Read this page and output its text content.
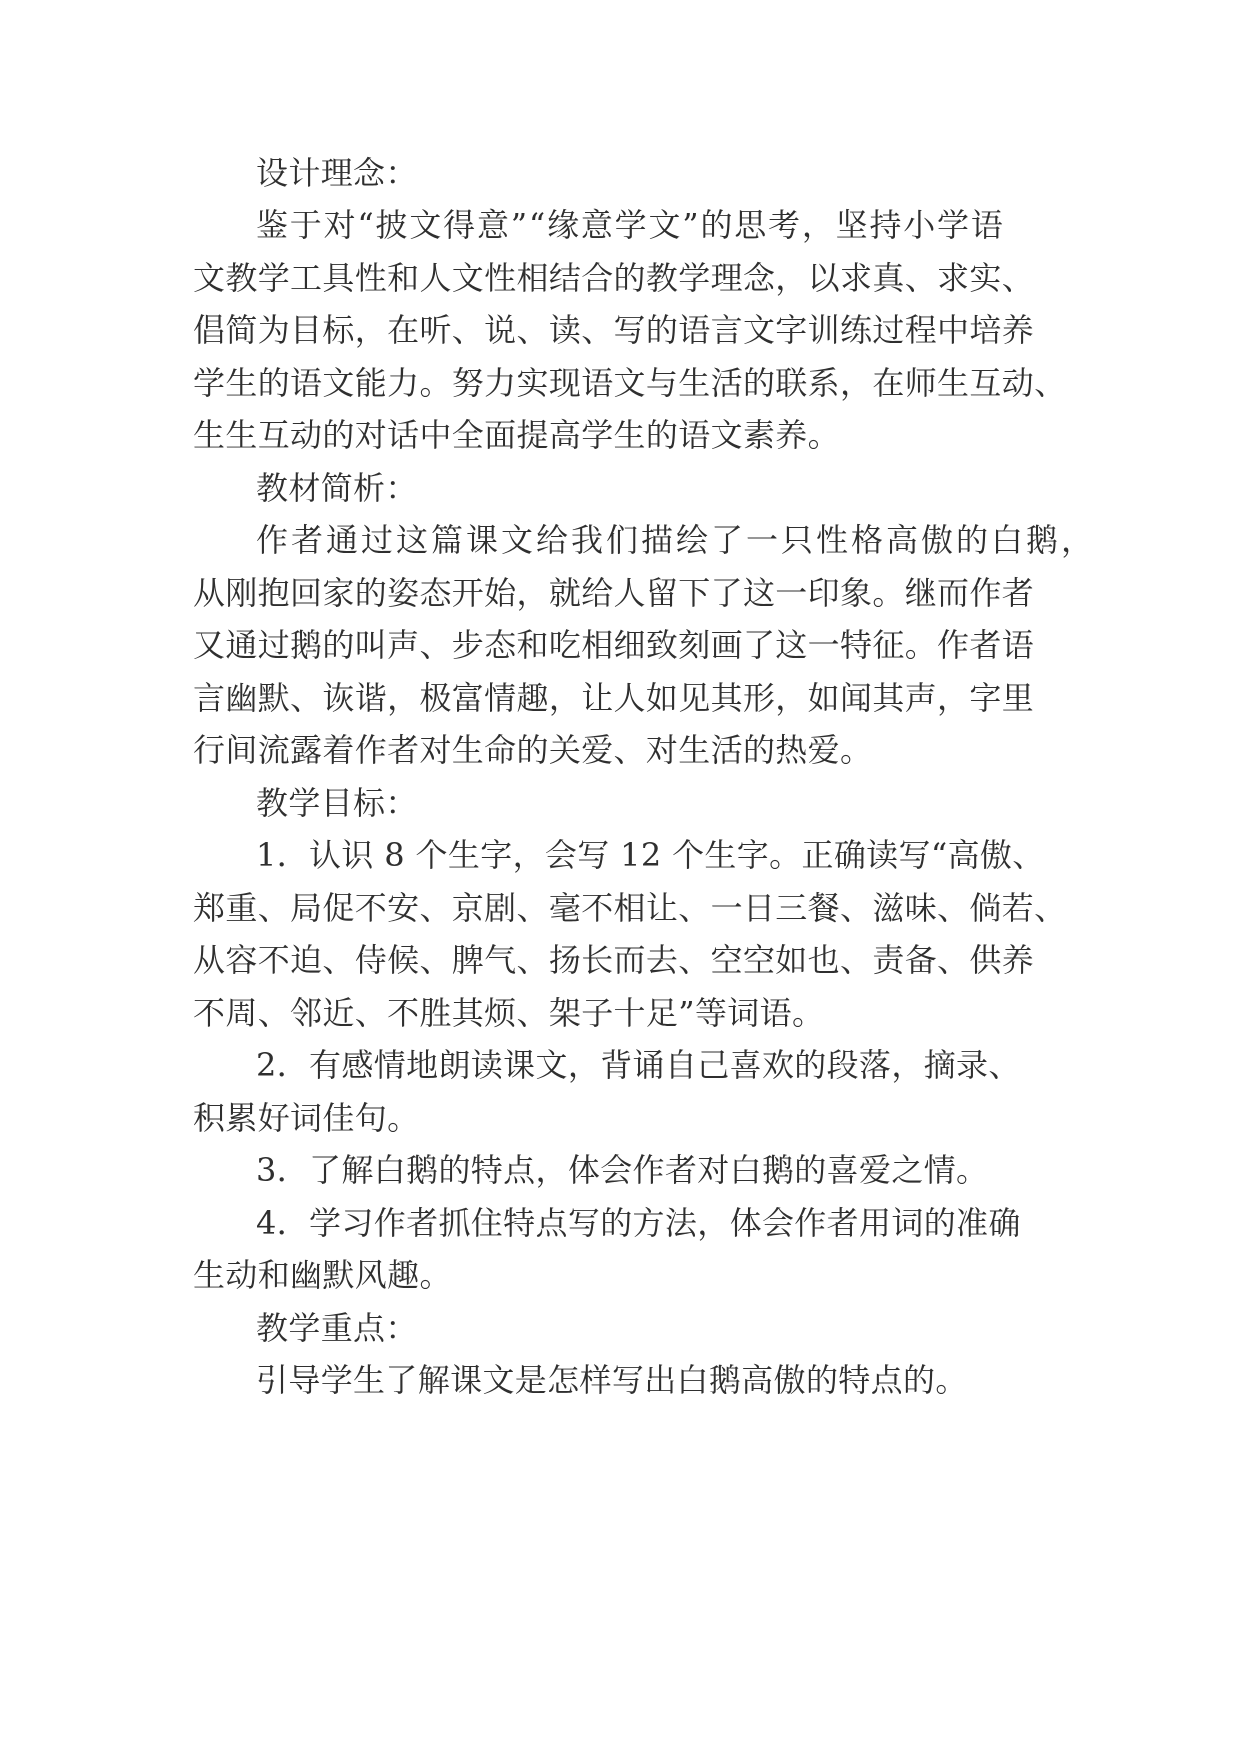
设计理念：
鉴于对“披文得意”“缘意学文”的思考，坚持小学语
文教学工具性和人文性相结合的教学理念，以求真、求实、
倡简为目标，在听、说、读、写的语言文字训练过程中培养
学生的语文能力。努力实现语文与生活的联系，在师生互动、
生生互动的对话中全面提高学生的语文素养。
教材简析：
作者通过这篇课文给我们描绘了一只性格高傲的白鹅，
从刚抱回家的姿态开始，就给人留下了这一印象。继而作者
又通过鹅的叫声、步态和吃相细致刻画了这一特征。作者语
言幽默、诙谐，极富情趣，让人如见其形，如闻其声，字里
行间流露着作者对生命的关爱、对生活的热爱。
教学目标：
1．认识 8 个生字，会写 12 个生字。正确读写“高傲、
郑重、局促不安、京剧、毫不相让、一日三餐、滋味、倘若、
从容不迫、侍候、脾气、扬长而去、空空如也、责备、供养
不周、邻近、不胜其烦、架子十足”等词语。
2．有感情地朗读课文，背诵自己喜欢的段落，摘录、
积累好词佳句。
3．了解白鹅的特点，体会作者对白鹅的喜爱之情。
4．学习作者抓住特点写的方法，体会作者用词的准确
生动和幽默风趣。
教学重点：
引导学生了解课文是怎样写出白鹅高傲的特点的。
